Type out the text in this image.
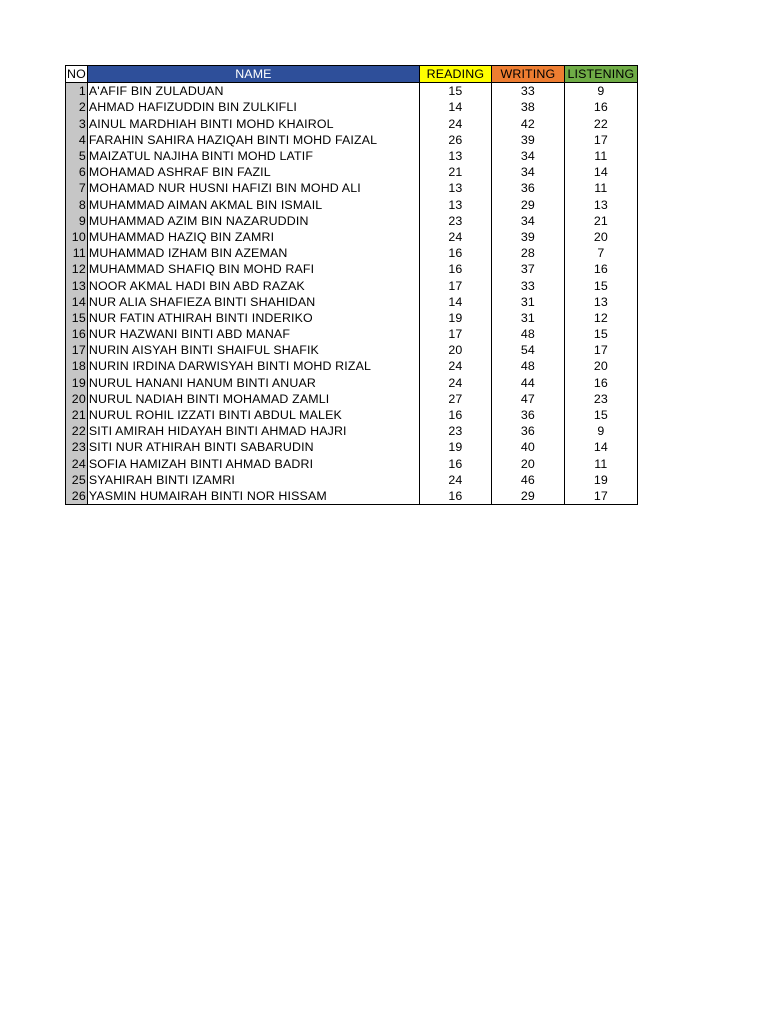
NO	NAME	READING	WRITING	LISTENING
1	A'AFIF BIN ZULADUAN	15	33	9
2	AHMAD HAFIZUDDIN BIN ZULKIFLI	14	38	16
3	AINUL MARDHIAH BINTI MOHD KHAIROL	24	42	22
4	FARAHIN SAHIRA HAZIQAH BINTI MOHD FAIZAL	26	39	17
5	MAIZATUL NAJIHA BINTI MOHD LATIF	13	34	11
6	MOHAMAD ASHRAF BIN FAZIL	21	34	14
7	MOHAMAD NUR HUSNI HAFIZI BIN MOHD ALI	13	36	11
8	MUHAMMAD AIMAN AKMAL BIN ISMAIL	13	29	13
9	MUHAMMAD AZIM BIN NAZARUDDIN	23	34	21
10	MUHAMMAD HAZIQ BIN ZAMRI	24	39	20
11	MUHAMMAD IZHAM BIN AZEMAN	16	28	7
12	MUHAMMAD SHAFIQ BIN MOHD RAFI	16	37	16
13	NOOR AKMAL HADI BIN ABD RAZAK	17	33	15
14	NUR ALIA SHAFIEZA BINTI SHAHIDAN	14	31	13
15	NUR FATIN ATHIRAH BINTI INDERIKO	19	31	12
16	NUR HAZWANI BINTI ABD MANAF	17	48	15
17	NURIN AISYAH BINTI SHAIFUL SHAFIK	20	54	17
18	NURIN IRDINA DARWISYAH BINTI MOHD RIZAL	24	48	20
19	NURUL HANANI HANUM BINTI ANUAR	24	44	16
20	NURUL NADIAH BINTI MOHAMAD ZAMLI	27	47	23
21	NURUL ROHIL IZZATI BINTI ABDUL MALEK	16	36	15
22	SITI AMIRAH HIDAYAH BINTI AHMAD HAJRI	23	36	9
23	SITI NUR ATHIRAH BINTI SABARUDIN	19	40	14
24	SOFIA HAMIZAH BINTI AHMAD BADRI	16	20	11
25	SYAHIRAH BINTI IZAMRI	24	46	19
26	YASMIN HUMAIRAH BINTI NOR HISSAM	16	29	17
